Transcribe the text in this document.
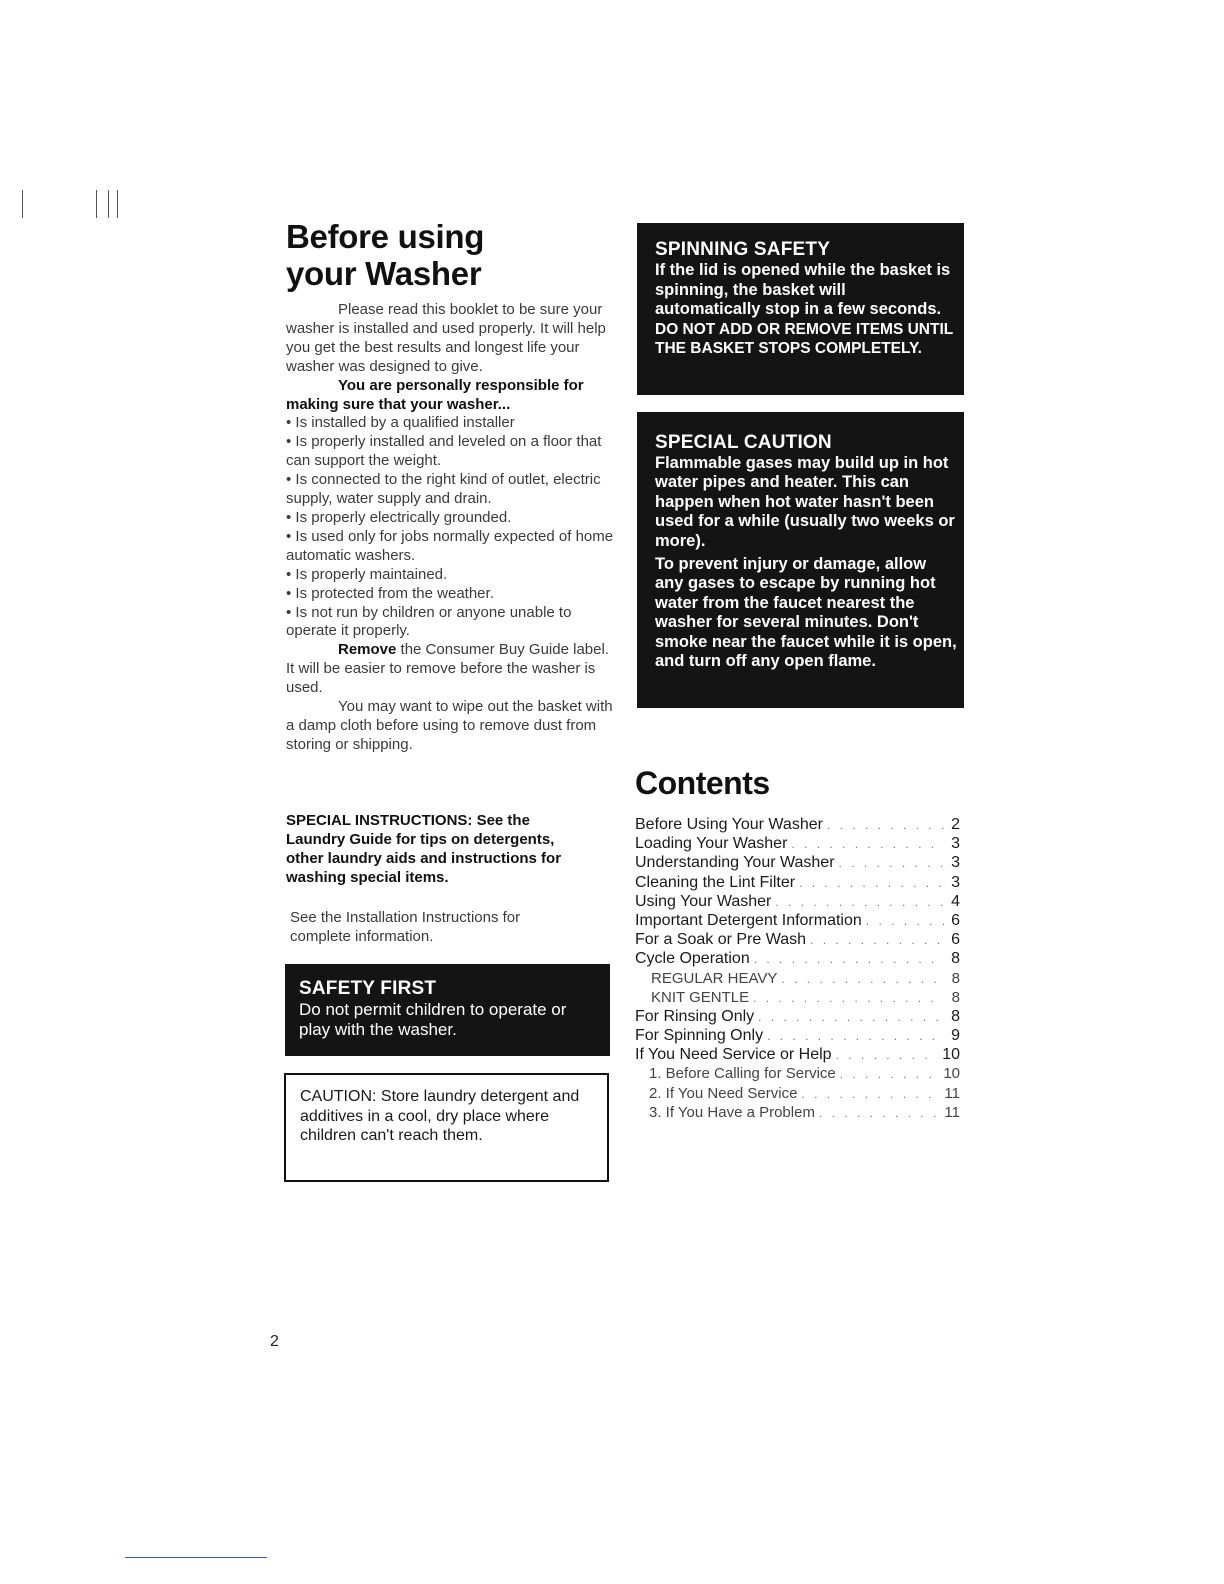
Before using
your Washer

Please read this booklet to be sure your washer is installed and used properly. It will help you get the best results and longest life your washer was designed to give.

You are personally responsible for making sure that your washer...

• Is installed by a qualified installer

• Is properly installed and leveled on a floor that can support the weight.

• Is connected to the right kind of outlet, electric supply, water supply and drain.

• Is properly electrically grounded.

• Is used only for jobs normally expected of home automatic washers.

• Is properly maintained.

• Is protected from the weather.

• Is not run by children or anyone unable to operate it properly.

Remove the Consumer Buy Guide label. It will be easier to remove before the washer is used.

You may want to wipe out the basket with a damp cloth before using to remove dust from storing or shipping.

SPECIAL INSTRUCTIONS: See the Laundry Guide for tips on detergents, other laundry aids and instructions for washing special items.
See the Installation Instructions for complete information.
SAFETY FIRST

Do not permit children to operate or play with the washer.

CAUTION: Store laundry detergent and additives in a cool, dry place where children can't reach them.
SPINNING SAFETY

If the lid is opened while the basket is spinning, the basket will automatically stop in a few seconds. DO NOT ADD OR REMOVE ITEMS UNTIL THE BASKET STOPS COMPLETELY.

SPECIAL CAUTION

Flammable gases may build up in hot water pipes and heater. This can happen when hot water hasn't been used for a while (usually two weeks or more).

To prevent injury or damage, allow any gases to escape by running hot water from the faucet nearest the washer for several minutes. Don't smoke near the faucet while it is open, and turn off any open flame.

Contents
Before Using Your Washer . . .	2
Loading Your Washer . . .	3
Understanding Your Washer . . .	3
Cleaning the Lint Filter . . .	3
Using Your Washer . . .	4
Important Detergent Information . . .	6
For a Soak or Pre Wash . . .	6
Cycle Operation . . .	8
REGULAR HEAVY . . .	8
KNIT GENTLE . . .	8
For Rinsing Only . . .	8
For Spinning Only . . .	9
If You Need Service or Help . . .	10
1. Before Calling for Service . . .	10
2. If You Need Service . . .	11
3. If You Have a Problem . . .	11
2
